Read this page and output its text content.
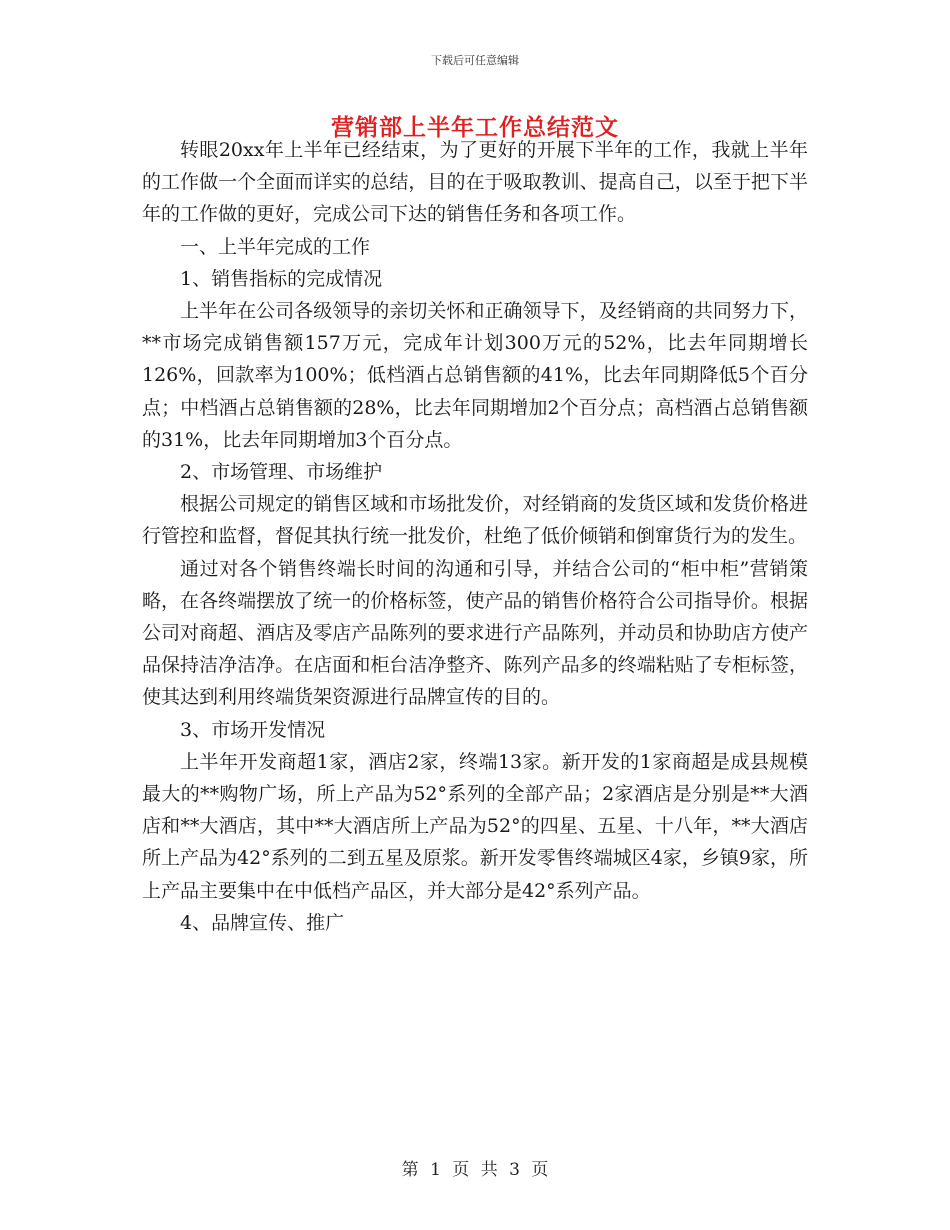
下载后可任意编辑
营销部上半年工作总结范文

转眼20xx年上半年已经结束，为了更好的开展下半年的工作，我就上半年的工作做一个全面而详实的总结，目的在于吸取教训、提高自己，以至于把下半年的工作做的更好，完成公司下达的销售任务和各项工作。

一、上半年完成的工作

1、销售指标的完成情况

上半年在公司各级领导的亲切关怀和正确领导下，及经销商的共同努力下，**市场完成销售额157万元，完成年计划300万元的52%，比去年同期增长126%，回款率为100%；低档酒占总销售额的41%，比去年同期降低5个百分点；中档酒占总销售额的28%，比去年同期增加2个百分点；高档酒占总销售额的31%，比去年同期增加3个百分点。

2、市场管理、市场维护

根据公司规定的销售区域和市场批发价，对经销商的发货区域和发货价格进行管控和监督，督促其执行统一批发价，杜绝了低价倾销和倒窜货行为的发生。

通过对各个销售终端长时间的沟通和引导，并结合公司的“柜中柜”营销策略，在各终端摆放了统一的价格标签，使产品的销售价格符合公司指导价。根据公司对商超、酒店及零店产品陈列的要求进行产品陈列，并动员和协助店方使产品保持洁净洁净。在店面和柜台洁净整齐、陈列产品多的终端粘贴了专柜标签，使其达到利用终端货架资源进行品牌宣传的目的。

3、市场开发情况

上半年开发商超1家，酒店2家，终端13家。新开发的1家商超是成县规模最大的**购物广场，所上产品为52°系列的全部产品；2家酒店是分别是**大酒店和**大酒店，其中**大酒店所上产品为52°的四星、五星、十八年，**大酒店所上产品为42°系列的二到五星及原浆。新开发零售终端城区4家，乡镇9家，所上产品主要集中在中低档产品区，并大部分是42°系列产品。

4、品牌宣传、推广

第 1 页 共 3 页
